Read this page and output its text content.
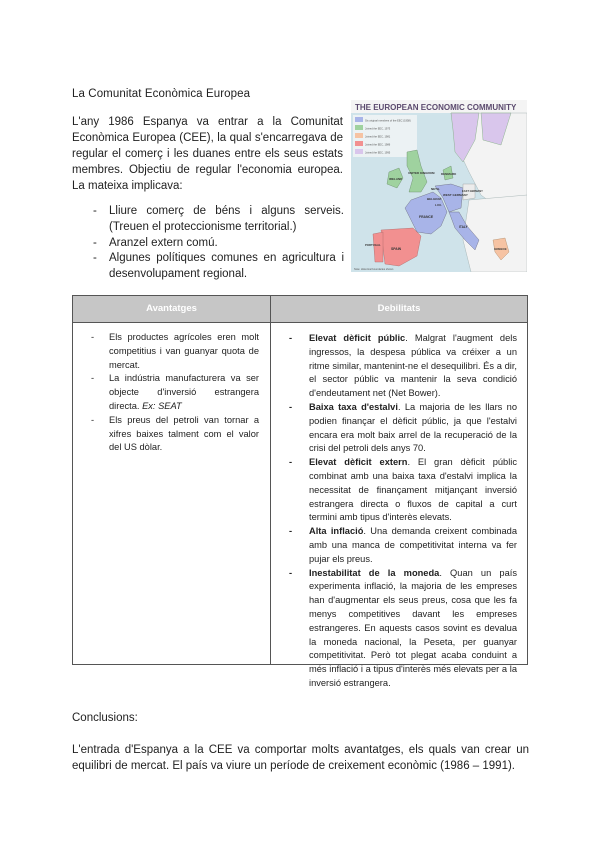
La Comunitat Econòmica Europea
L'any 1986 Espanya va entrar a la Comunitat Econòmica Europea (CEE), la qual s'encarregava de regular el comerç i les duanes entre els seus estats membres. Objectiu de regular l'economia europea. La mateixa implicava:
- Lliure comerç de béns i alguns serveis. (Treuen el proteccionisme territorial.)
- Aranzel extern comú.
- Algunes polítiques comunes en agricultura i desenvolupament regional.
THE EUROPEAN ECONOMIC COMMUNITY
Six original members of the EEC (1958)
Joined the EEC, 1973
Joined the EEC, 1981
Joined the EEC, 1986
Joined the EEC, 1995
IRELAND
UNITED KINGDOM DENMARK
WEST GERMANY
NETH.
BELGIUM
LUX.
FRANCE
ITALY
SPAIN
PORTUGAL
GREECE
EAST GERMANY
Note: Historical boundaries shown
Avantatges	Debilitats
- Els productes agrícoles eren molt competitius i van guanyar quota de mercat.
- La indústria manufacturera va ser objecte d'inversió estrangera directa. Ex: SEAT
- Els preus del petroli van tornar a xifres baixes talment com el valor del US dòlar.
- Elevat dèficit públic. Malgrat l'augment dels ingressos, la despesa pública va créixer a un ritme similar, mantenint-ne el desequilibri. És a dir, el sector públic va mantenir la seva condició d'endeutament net (Net Bower).
- Baixa taxa d'estalvi. La majoria de les llars no podien finançar el dèficit públic, ja que l'estalvi encara era molt baix arrel de la recuperació de la crisi del petroli dels anys 70.
- Elevat dèficit extern. El gran dèficit públic combinat amb una baixa taxa d'estalvi implica la necessitat de finançament mitjançant inversió estrangera directa o fluxos de capital a curt termini amb tipus d'interès elevats.
- Alta inflació. Una demanda creixent combinada amb una manca de competitivitat interna va fer pujar els preus.
- Inestabilitat de la moneda. Quan un país experimenta inflació, la majoria de les empreses han d'augmentar els seus preus, cosa que les fa menys competitives davant les empreses estrangeres. En aquests casos sovint es devalua la moneda nacional, la Peseta, per guanyar competitivitat. Però tot plegat acaba conduint a més inflació i a tipus d'interès més elevats per a la inversió estrangera.
Conclusions:
L'entrada d'Espanya a la CEE va comportar molts avantatges, els quals van crear un equilibri de mercat. El país va viure un període de creixement econòmic (1986 – 1991).
